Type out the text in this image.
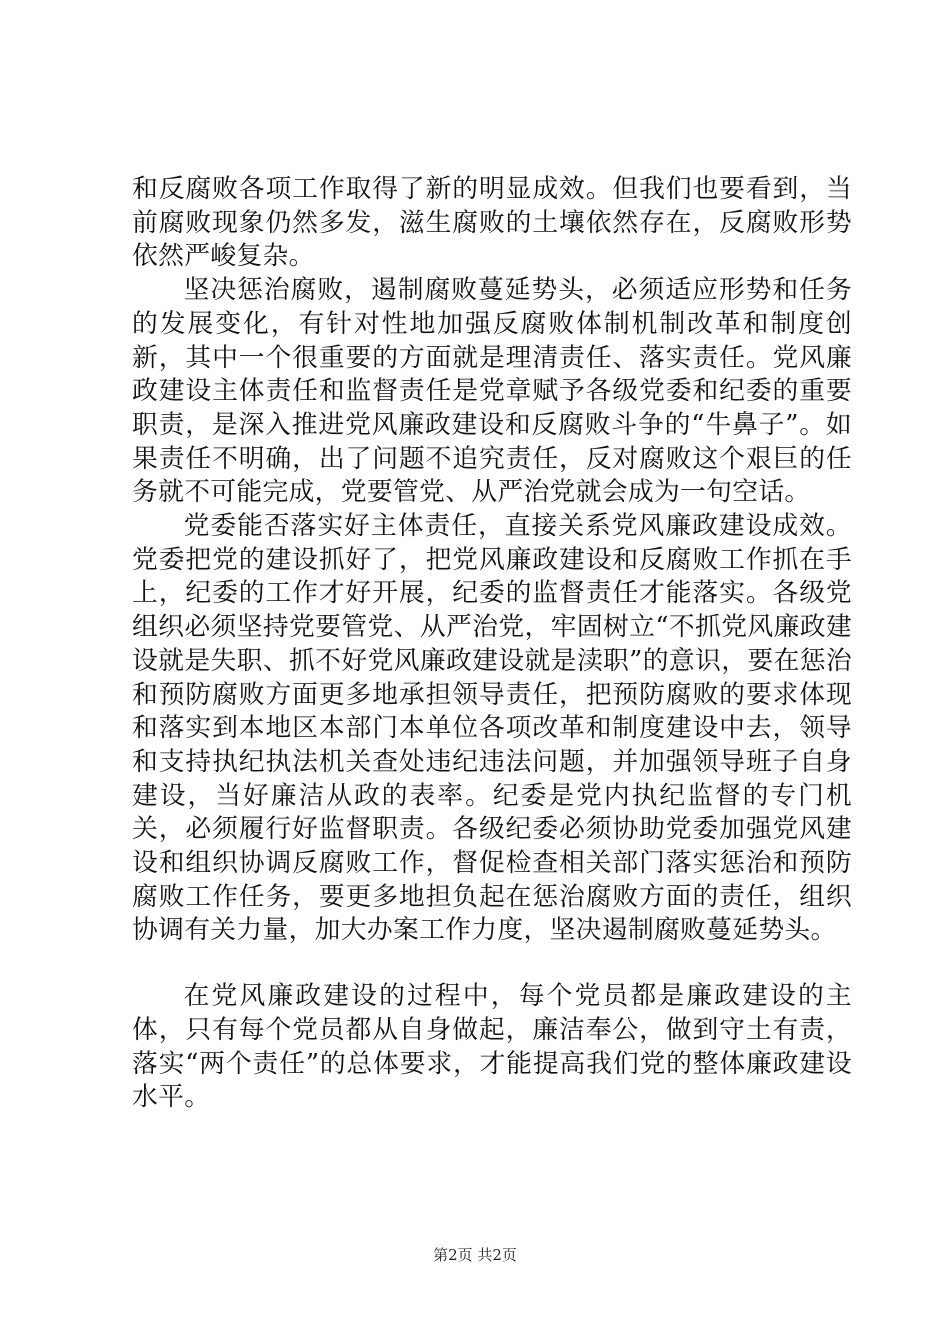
和反腐败各项工作取得了新的明显成效。但我们也要看到，当前腐败现象仍然多发，滋生腐败的土壤依然存在，反腐败形势依然严峻复杂。

坚决惩治腐败，遏制腐败蔓延势头，必须适应形势和任务的发展变化，有针对性地加强反腐败体制机制改革和制度创新，其中一个很重要的方面就是理清责任、落实责任。党风廉政建设主体责任和监督责任是党章赋予各级党委和纪委的重要职责，是深入推进党风廉政建设和反腐败斗争的“牛鼻子”。如果责任不明确，出了问题不追究责任，反对腐败这个艰巨的任务就不可能完成，党要管党、从严治党就会成为一句空话。

党委能否落实好主体责任，直接关系党风廉政建设成效。党委把党的建设抓好了，把党风廉政建设和反腐败工作抓在手上，纪委的工作才好开展，纪委的监督责任才能落实。各级党组织必须坚持党要管党、从严治党，牢固树立“不抓党风廉政建设就是失职、抓不好党风廉政建设就是渎职”的意识，要在惩治和预防腐败方面更多地承担领导责任，把预防腐败的要求体现和落实到本地区本部门本单位各项改革和制度建设中去，领导和支持执纪执法机关查处违纪违法问题，并加强领导班子自身建设，当好廉洁从政的表率。纪委是党内执纪监督的专门机关，必须履行好监督职责。各级纪委必须协助党委加强党风建设和组织协调反腐败工作，督促检查相关部门落实惩治和预防腐败工作任务，要更多地担负起在惩治腐败方面的责任，组织协调有关力量，加大办案工作力度，坚决遏制腐败蔓延势头。

在党风廉政建设的过程中，每个党员都是廉政建设的主体，只有每个党员都从自身做起，廉洁奉公，做到守土有责，落实“两个责任”的总体要求，才能提高我们党的整体廉政建设水平。

第2页 共2页
